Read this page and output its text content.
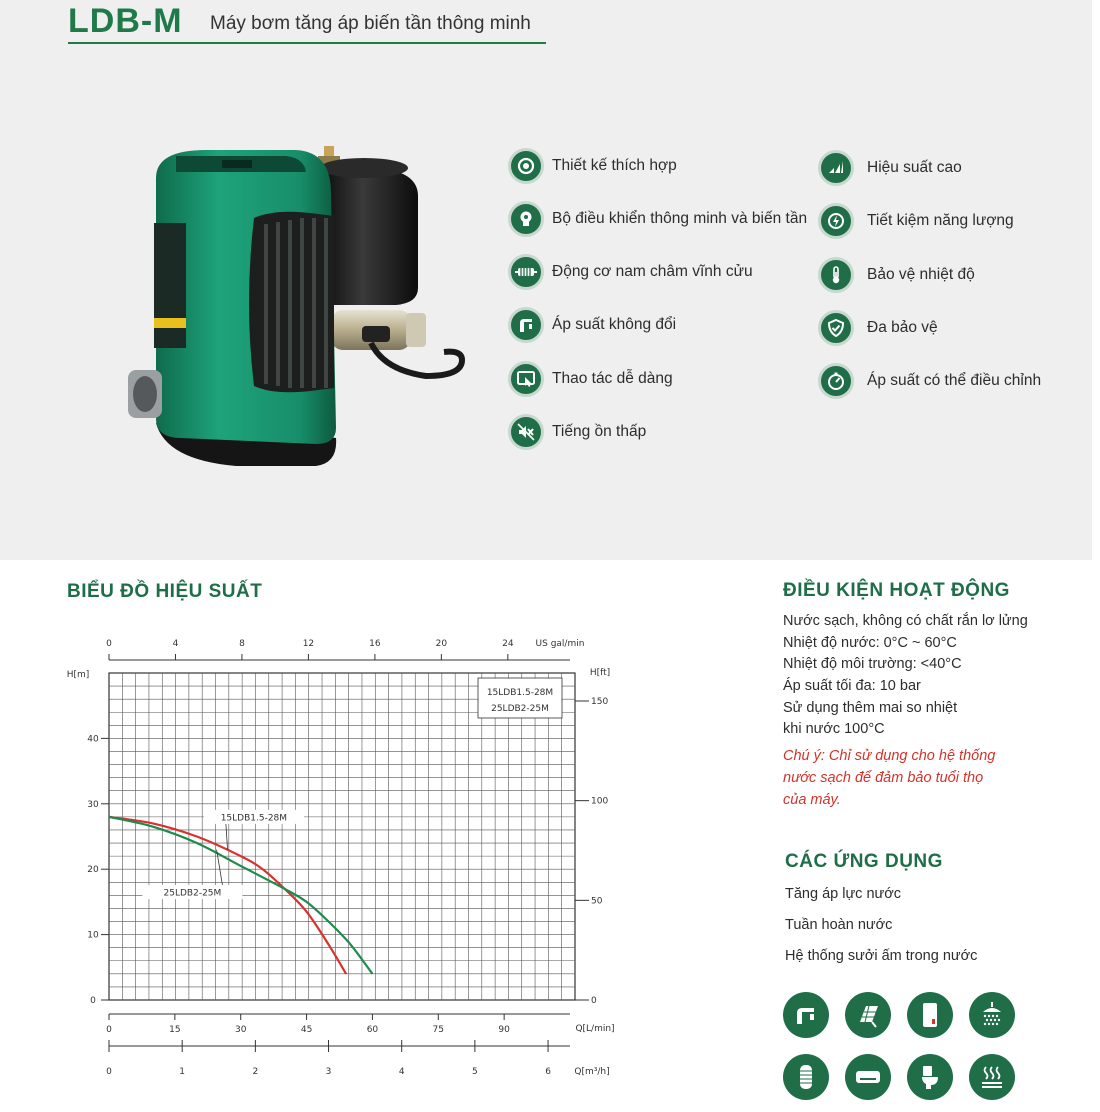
LDB-M Máy bơm tăng áp biến tần thông minh
Thiết kế thích hợp
Bộ điều khiển thông minh và biến tần
Động cơ nam châm vĩnh cửu
Áp suất không đổi
Thao tác dễ dàng
Tiếng ồn thấp
Hiệu suất cao
Tiết kiệm năng lượng
Bảo vệ nhiệt độ
Đa bảo vệ
Áp suất có thể điều chỉnh
BIỂU ĐỒ HIỆU SUẤT
H[m]
0
10
20
30
40
H[ft]
0
50
100
150
0	4	8	12	16	20	24 US gal/min
0	15	30	45	60	75	90	Q[L/min]
0	1	2	3	4	5	6	Q[m³/h]
15LDB1.5-28M
25LDB2-25M
15LDB1.5-28M
25LDB2-25M
ĐIỀU KIỆN HOẠT ĐỘNG
Nước sạch, không có chất rắn lơ lửng
Nhiệt độ nước: 0°C ~ 60°C
Nhiệt độ môi trường: <40°C
Áp suất tối đa: 10 bar
Sử dụng thêm mai so nhiệt
khi nước 100°C
Chú ý: Chỉ sử dụng cho hệ thống
nước sạch để đảm bảo tuổi thọ
của máy.
CÁC ỨNG DỤNG
Tăng áp lực nước
Tuần hoàn nước
Hệ thống sưởi ấm trong nước
